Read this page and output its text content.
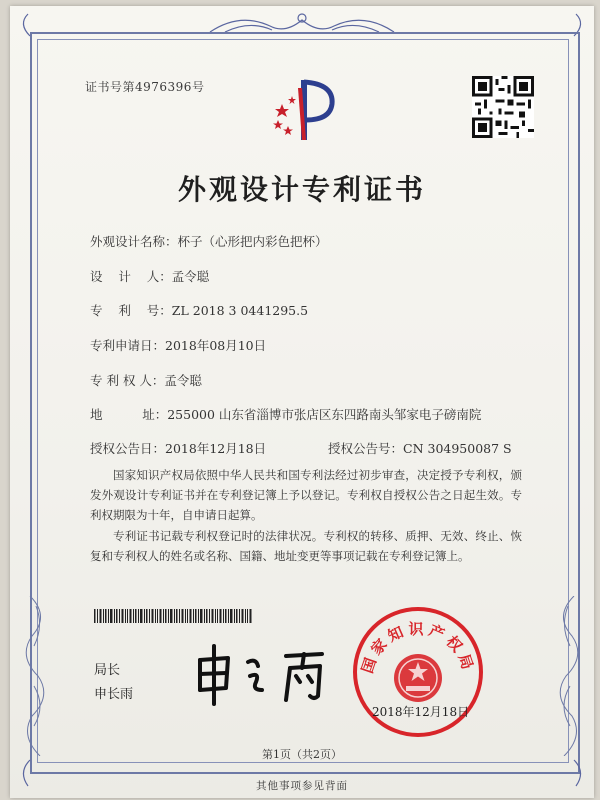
证书号第4976396号
外观设计专利证书
外观设计名称：杯子（心形把内彩色把杯）
设    计    人：孟令聪
专    利    号：ZL 2018 3 0441295.5
专利申请日：2018年08月10日
专 利 权 人：孟令聪
地          址：255000 山东省淄博市张店区东四路南头邹家电子磅南院
授权公告日：2018年12月18日	授权公告号：CN 304950087 S
国家知识产权局依照中华人民共和国专利法经过初步审查，决定授予专利权，颁发外观设计专利证书并在专利登记簿上予以登记。专利权自授权公告之日起生效。专利权期限为十年，自申请日起算。
专利证书记载专利权登记时的法律状况。专利权的转移、质押、无效、终止、恢复和专利权人的姓名或名称、国籍、地址变更等事项记载在专利登记簿上。
局长
申长雨
国家知识产权局
2018年12月18日
第1页（共2页）
其他事项参见背面
